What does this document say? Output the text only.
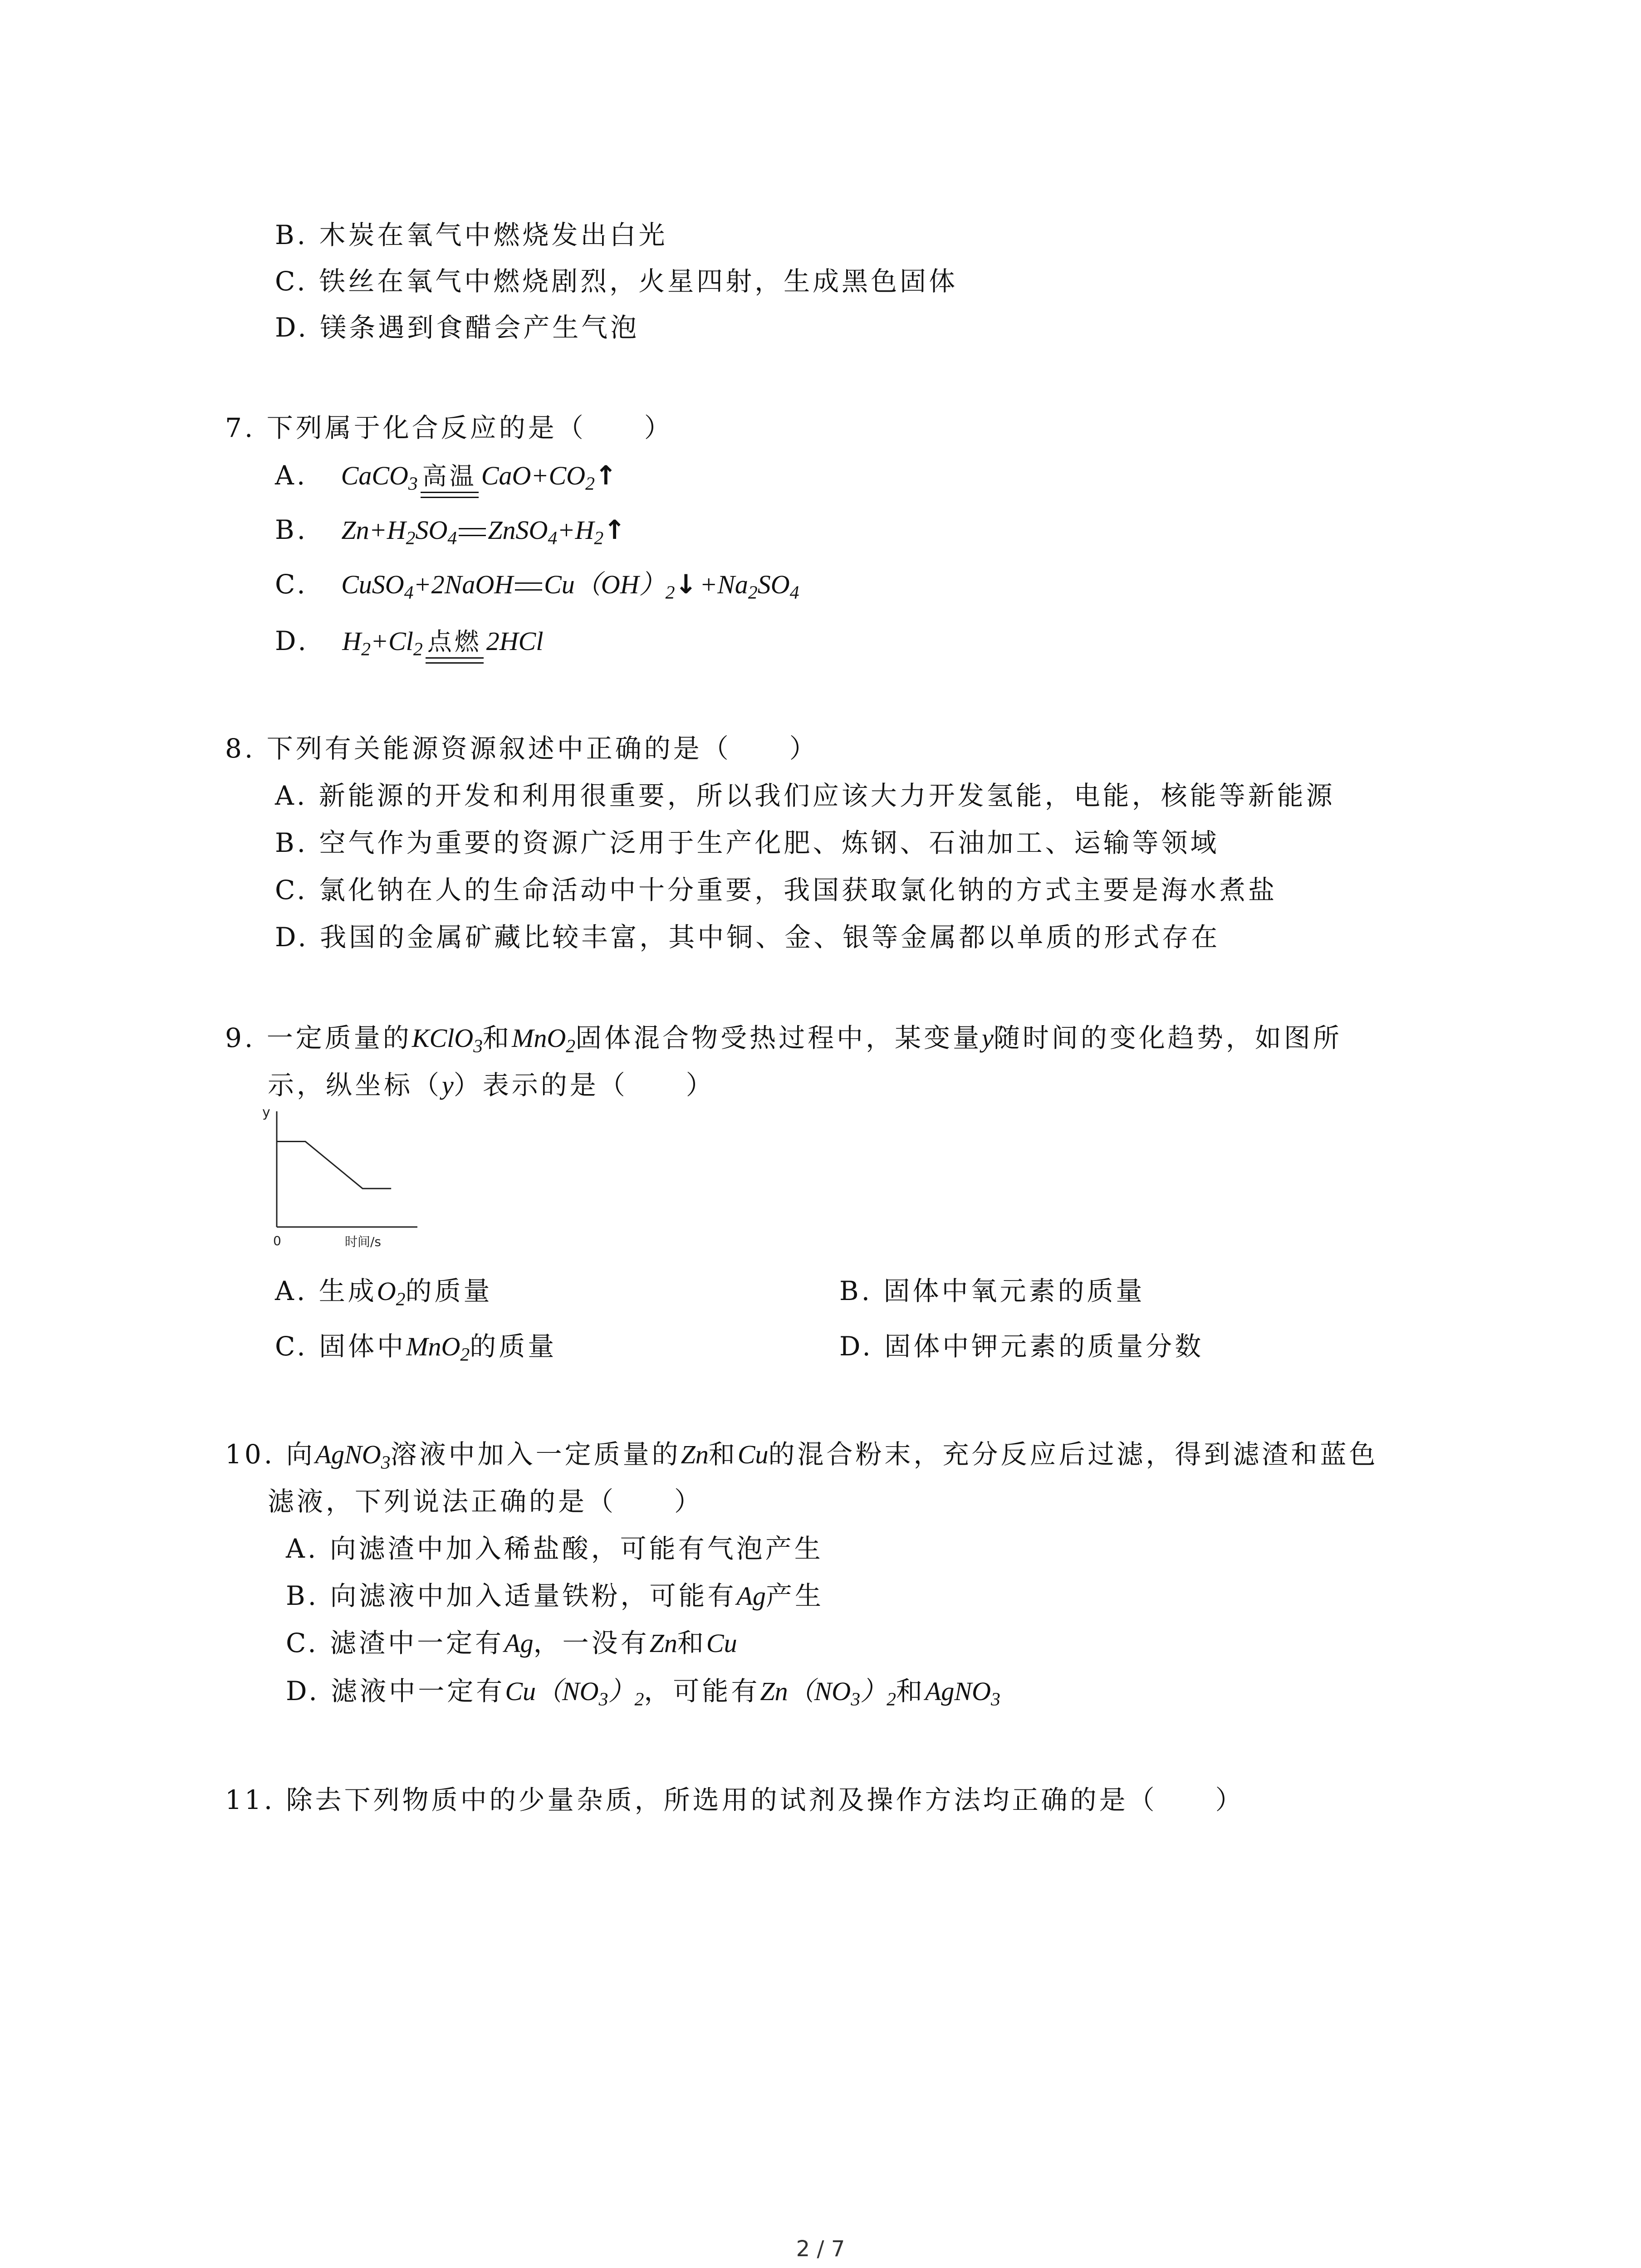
B. 木炭在氧气中燃烧发出白光
C. 铁丝在氧气中燃烧剧烈，火星四射，生成黑色固体
D. 镁条遇到食醋会产生气泡
7. 下列属于化合反应的是（　　）
A. CaCO$_3$ 高温 $CaO+CO_2↑$
B. $Zn+H_2SO_4$ $ZnSO_4+H_2↑$
C. CuSO$_4$+2NaOH $Cu(OH)_2↓+Na_2SO_4$
D. $H_2+Cl_2$ 点燃 2HCl
8. 下列有关能源资源叙述中正确的是（　　）
A. 新能源的开发和利用很重要，所以我们应该大力开发氢能，电能，核能等新能源
B. 空气作为重要的资源广泛用于生产化肥、炼钢、石油加工、运输等领域
C. 氯化钠在人的生命活动中十分重要，我国获取氯化钠的方式主要是海水煮盐
D. 我国的金属矿藏比较丰富，其中铜、金、银等金属都以单质的形式存在
9. 一定质量的KClO$_3$和MnO$_2$固体混合物受热过程中，某变量y随时间的变化趋势，如图所
示，纵坐标（y）表示的是（　　）
y
0	时间/s
A. 生成$O_2$的质量	B. 固体中氧元素的质量
C. 固体中MnO$_2$的质量	D. 固体中钾元素的质量分数
10. 向AgNO$_3$溶液中加入一定质量的Zn和Cu的混合粉末，充分反应后过滤，得到滤渣和蓝色
滤液，下列说法正确的是（　　）
A. 向滤渣中加入稀盐酸，可能有气泡产生
B. 向滤液中加入适量铁粉，可能有Ag产生
C. 滤渣中一定有Ag，一没有Zn和Cu
D. 滤液中一定有$Cu(NO_3)_2$，可能有$Zn(NO_3)_2$和AgNO$_3$
11. 除去下列物质中的少量杂质，所选用的试剂及操作方法均正确的是（　　）
2 / 7
